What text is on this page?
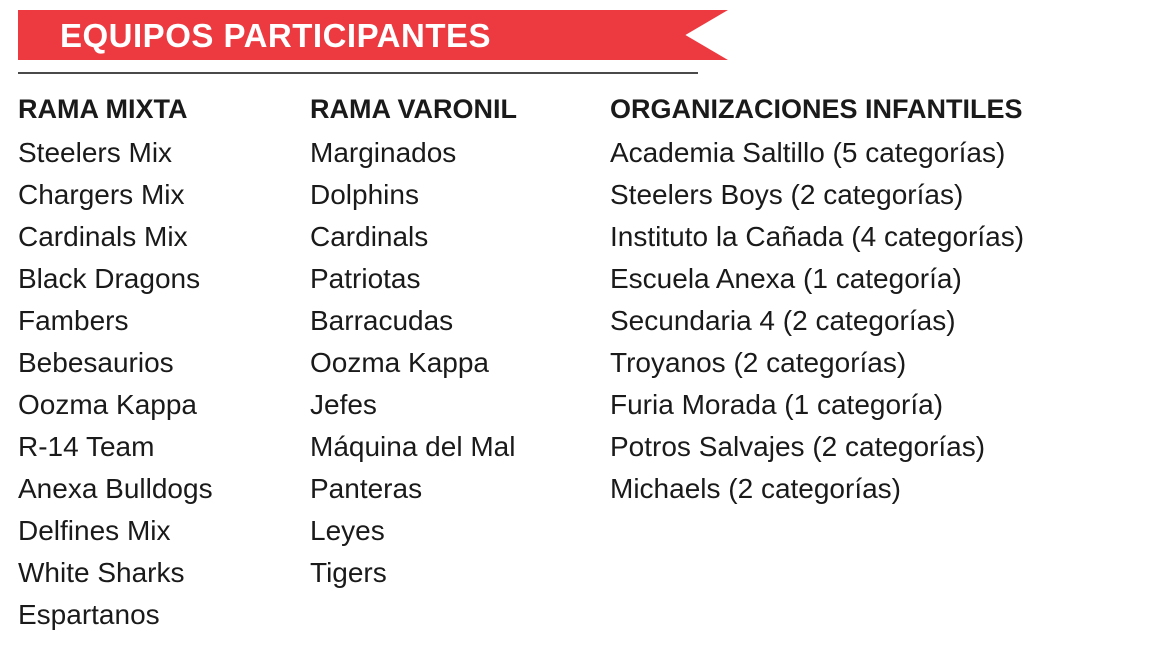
EQUIPOS PARTICIPANTES
RAMA MIXTA
Steelers Mix
Chargers Mix
Cardinals Mix
Black Dragons
Fambers
Bebesaurios
Oozma Kappa
R-14 Team
Anexa Bulldogs
Delfines Mix
White Sharks
Espartanos
RAMA VARONIL
Marginados
Dolphins
Cardinals
Patriotas
Barracudas
Oozma Kappa
Jefes
Máquina del Mal
Panteras
Leyes
Tigers
ORGANIZACIONES INFANTILES
Academia Saltillo (5 categorías)
Steelers Boys (2 categorías)
Instituto la Cañada (4 categorías)
Escuela Anexa (1 categoría)
Secundaria 4 (2 categorías)
Troyanos (2 categorías)
Furia Morada (1 categoría)
Potros Salvajes (2 categorías)
Michaels (2 categorías)
